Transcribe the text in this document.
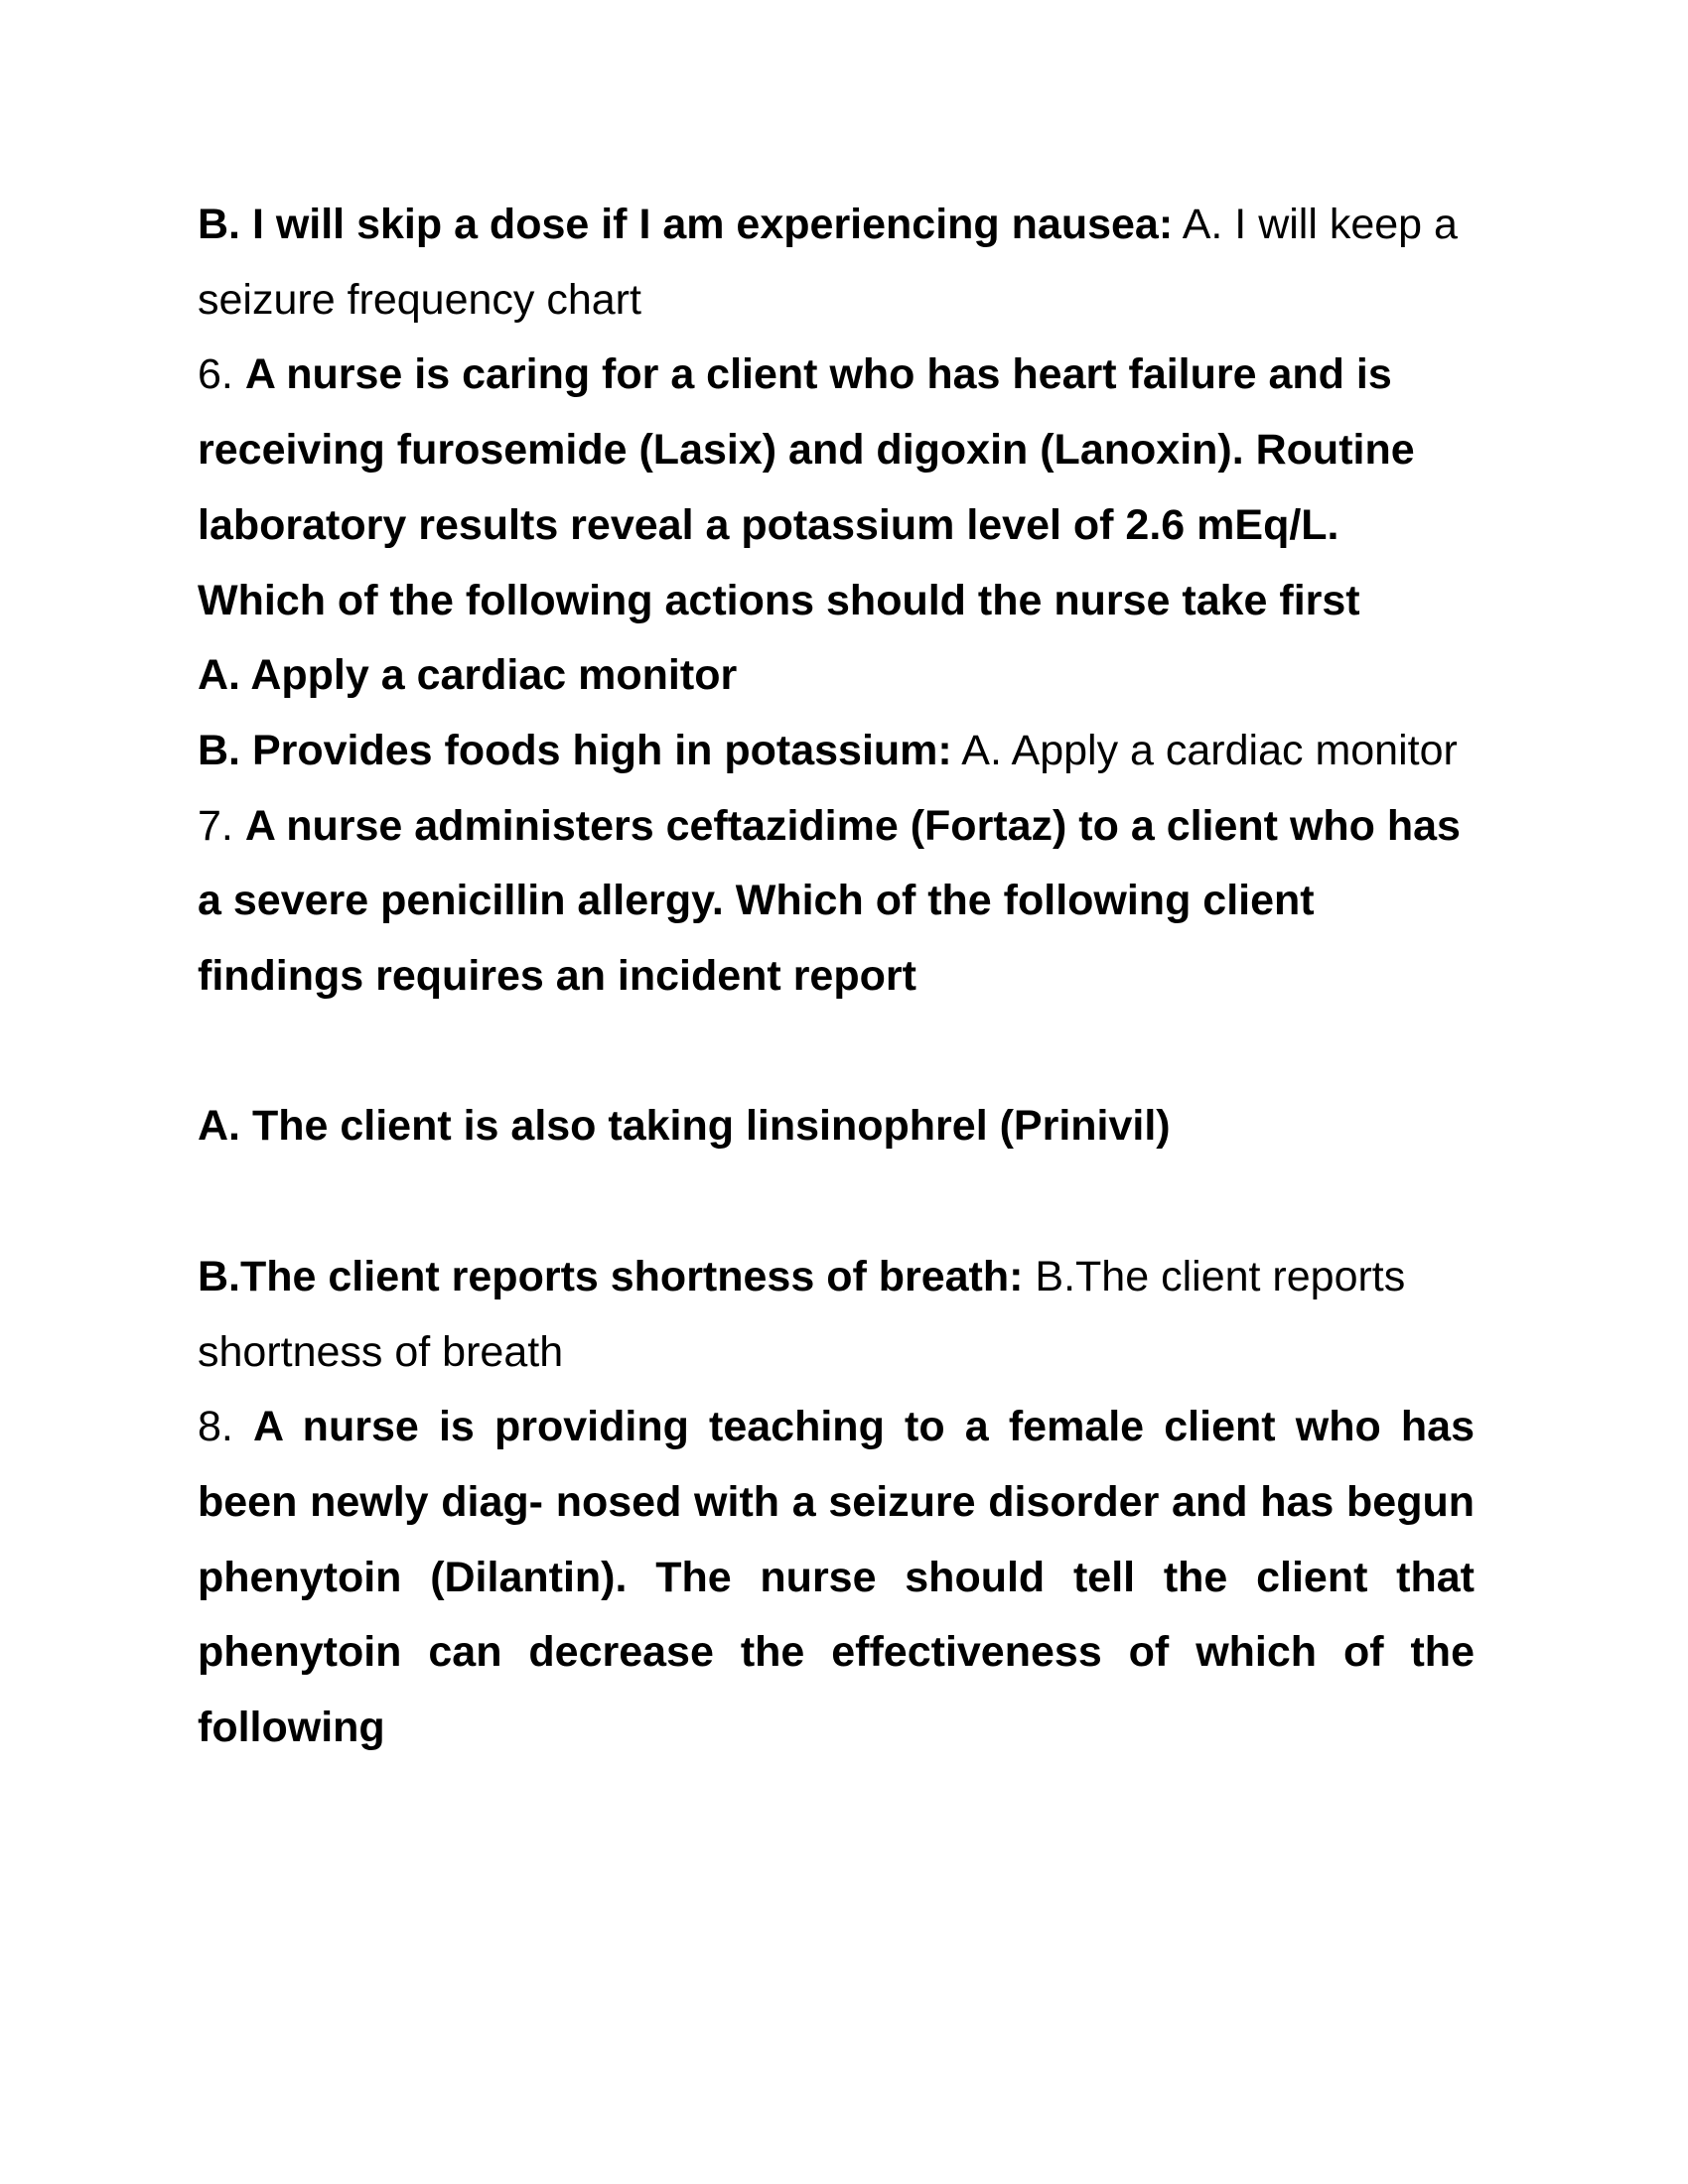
B. I will skip a dose if I am experiencing nausea: A. I will keep a seizure frequency chart

6. A nurse is caring for a client who has heart failure and is receiving furosemide (Lasix) and digoxin (Lanoxin). Routine laboratory results reveal a potassium level of 2.6 mEq/L. Which of the following actions should the nurse take first

A. Apply a cardiac monitor

B. Provides foods high in potassium: A. Apply a cardiac monitor

7. A nurse administers ceftazidime (Fortaz) to a client who has a severe penicillin allergy. Which of the following client findings requires an incident report

A. The client is also taking linsinophrel (Prinivil)

B.The client reports shortness of breath: B.The client reports shortness of breath

8. A nurse is providing teaching to a female client who has been newly diag- nosed with a seizure disorder and has begun phenytoin (Dilantin). The nurse should tell the client that phenytoin can decrease the effectiveness of which of the following
